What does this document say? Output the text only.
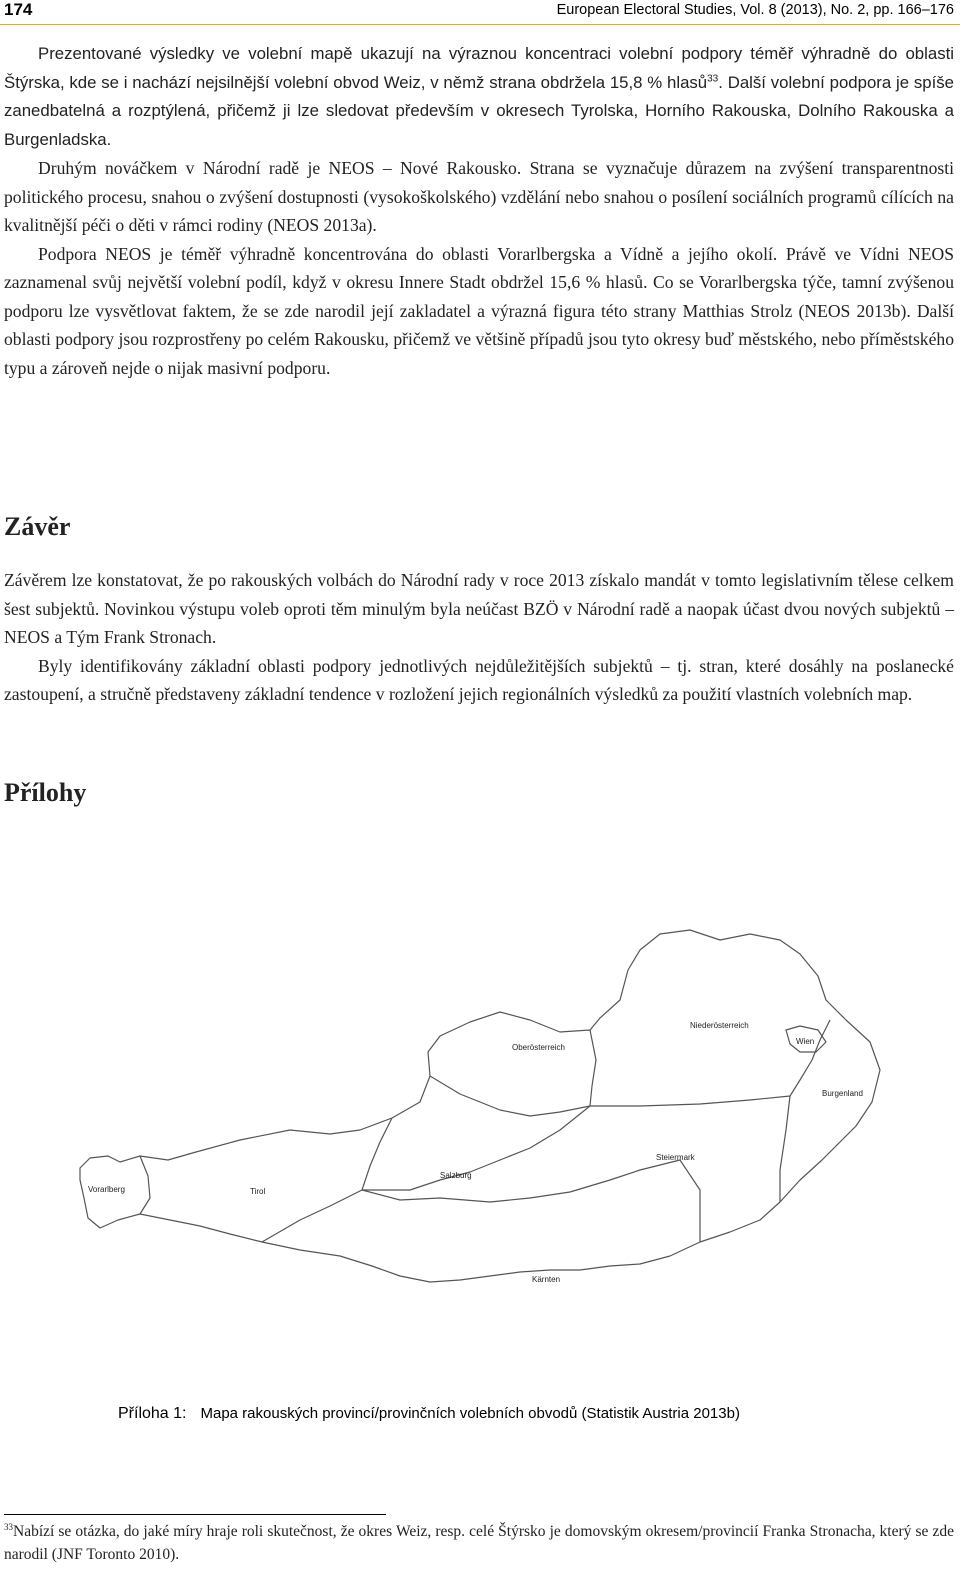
174	European Electoral Studies, Vol. 8 (2013), No. 2, pp. 166–176

Prezentované výsledky ve volební mapě ukazují na výraznou koncentraci volební podpory téměř výhradně do oblasti Štýrska, kde se i nachází nejsilnější volební obvod Weiz, v němž strana obdržela 15,8 % hlasů$^{33}$. Další volební podpora je spíše zanedbatelná a rozptýlená, přičemž ji lze sledovat především v okresech Tyrolska, Horního Rakouska, Dolního Rakouska a Burgenladska.

Druhým nováčkem v Národní radě je NEOS – Nové Rakousko. Strana se vyznačuje důrazem na zvýšení transparentnosti politického procesu, snahou o zvýšení dostupnosti (vysokoškolského) vzdělání nebo snahou o posílení sociálních programů cílících na kvalitnější péči o děti v rámci rodiny (NEOS 2013a).

Podpora NEOS je téměř výhradně koncentrována do oblasti Vorarlbergska a Vídně a jejího okolí. Právě ve Vídni NEOS zaznamenal svůj největší volební podíl, když v okresu Innere Stadt obdržel 15,6 % hlasů. Co se Vorarlbergska týče, tamní zvýšenou podporu lze vysvětlovat faktem, že se zde narodil její zakladatel a výrazná figura této strany Matthias Strolz (NEOS 2013b). Další oblasti podpory jsou rozprostřeny po celém Rakousku, přičemž ve většině případů jsou tyto okresy buď městského, nebo příměstského typu a zároveň nejde o nijak masivní podporu.

Závěr

Závěrem lze konstatovat, že po rakouských volbách do Národní rady v roce 2013 získalo mandát v tomto legislativním tělese celkem šest subjektů. Novinkou výstupu voleb oproti těm minulým byla neúčast BZÖ v Národní radě a naopak účast dvou nových subjektů – NEOS a Tým Frank Stronach.

Byly identifikovány základní oblasti podpory jednotlivých nejdůležitějších subjektů – tj. stran, které dosáhly na poslanecké zastoupení, a stručně představeny základní tendence v rozložení jejich regionálních výsledků za použití vlastních volebních map.

Přílohy
Vorarlberg	Tirol
Salzburg
Oberösterreich
Niederösterreich
Wien
Burgenland
Steiermark
Kärnten
Příloha 1: Mapa rakouských provincí/provinčních volebních obvodů (Statistik Austria 2013b)
$^{33}$Nabízí se otázka, do jaké míry hraje roli skutečnost, že okres Weiz, resp. celé Štýrsko je domovským okresem/provincií Franka Stronacha, který se zde narodil (JNF Toronto 2010).
